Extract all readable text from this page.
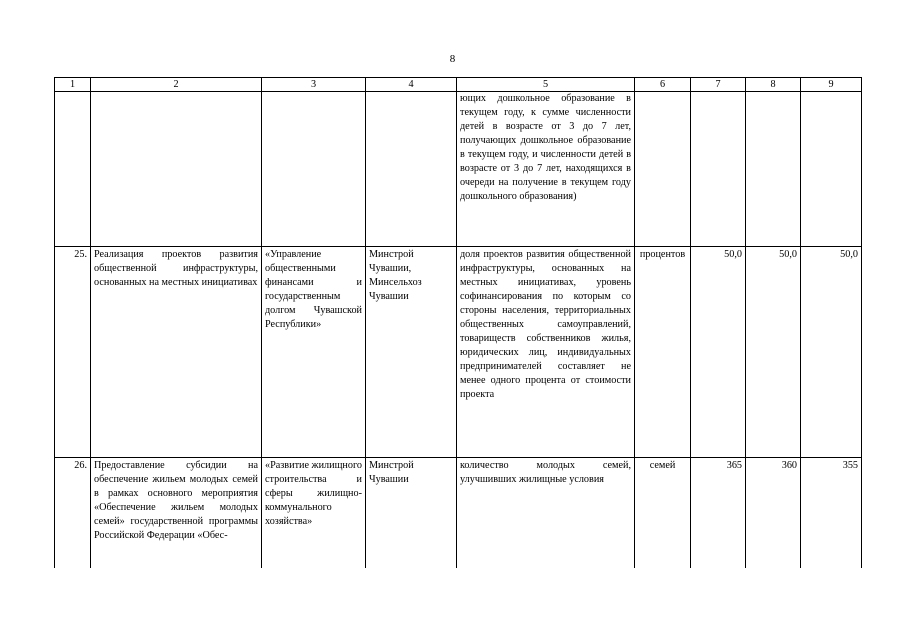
8
1	2	3	4	5	6	7	8	9
				ющих дошкольное образование в текущем году, к сумме численности детей в возрасте от 3 до 7 лет, получающих дошкольное образование в текущем году, и численности детей в возрасте от 3 до 7 лет, находящихся в очереди на получение в текущем году дошкольного образования)				
25.	Реализация проектов развития общественной инфраструктуры, основанных на местных инициативах	«Управление общественными финансами и государственным долгом Чувашской Республики»	Минстрой Чувашии, Минсельхоз Чувашии	доля проектов развития общественной инфраструктуры, основанных на местных инициативах, уровень софинансирования по которым со стороны населения, территориальных общественных самоуправлений, товариществ собственников жилья, юридических лиц, индивидуальных предпринимателей составляет не менее одного процента от стоимости проекта	процентов	50,0	50,0	50,0
26.	Предоставление субсидии на обеспечение жильем молодых семей в рамках основного мероприятия «Обеспечение жильем молодых семей» государственной программы Российской Федерации «Обес-	«Развитие жилищного строительства и сферы жилищно-коммунального хозяйства»	Минстрой Чувашии	количество молодых семей, улучшивших жилищные условия	семей	365	360	355
